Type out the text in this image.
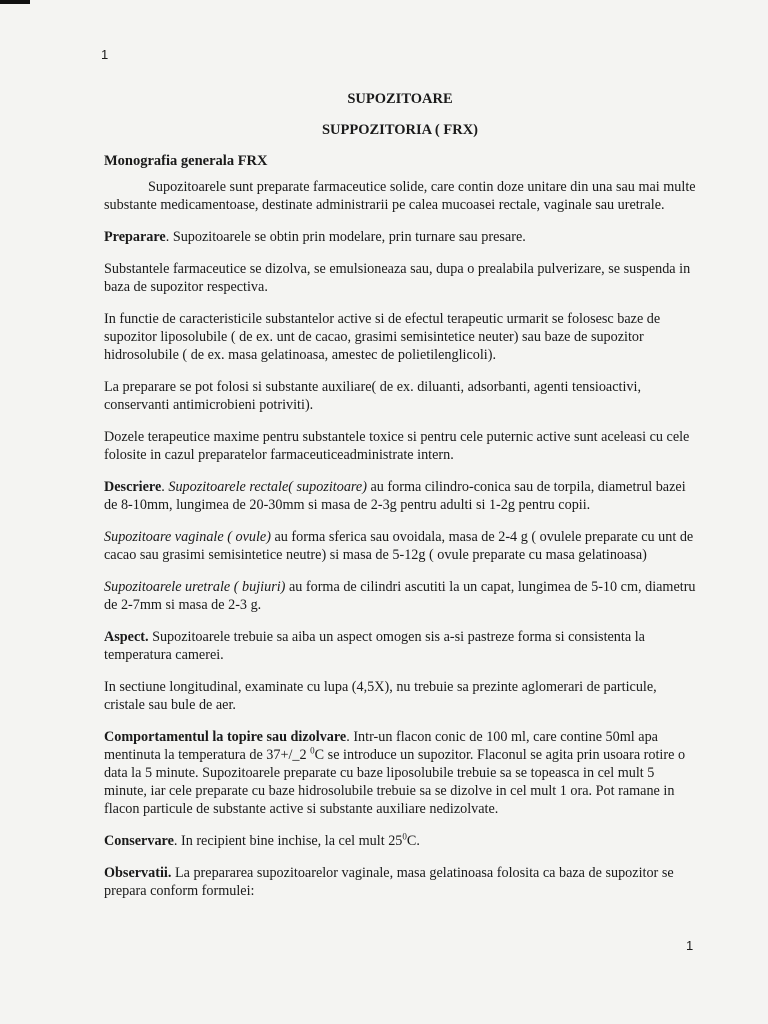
1

SUPOZITOARE

SUPPOZITORIA ( FRX)

Monografia generala FRX

Supozitoarele sunt preparate farmaceutice solide, care contin doze unitare din una sau mai multe substante medicamentoase, destinate administrarii pe calea mucoasei rectale, vaginale sau uretrale.

Preparare. Supozitoarele se obtin prin modelare, prin turnare sau presare.

Substantele farmaceutice se dizolva, se emulsioneaza sau, dupa o prealabila pulverizare, se suspenda in baza de supozitor respectiva.

In functie de caracteristicile substantelor active si de efectul terapeutic urmarit se folosesc baze de supozitor liposolubile ( de ex. unt de cacao, grasimi semisintetice neuter) sau baze de supozitor hidrosolubile ( de ex. masa gelatinoasa, amestec de polietilenglicoli).

La preparare se pot folosi si substante auxiliare( de ex. diluanti, adsorbanti, agenti tensioactivi, conservanti antimicrobieni potriviti).

Dozele terapeutice maxime pentru substantele toxice si pentru cele puternic active sunt aceleasi cu cele folosite in cazul preparatelor farmaceuticeadministrate intern.

Descriere. Supozitoarele rectale( supozitoare) au forma cilindro-conica sau de torpila, diametrul bazei de 8-10mm, lungimea de 20-30mm si masa de 2-3g pentru adulti si 1-2g pentru copii.

Supozitoare vaginale ( ovule) au forma sferica sau ovoidala, masa de 2-4 g ( ovulele preparate cu unt de cacao sau grasimi semisintetice neutre) si masa de 5-12g ( ovule preparate cu masa gelatinoasa)

Supozitoarele uretrale ( bujiuri) au forma de cilindri ascutiti la un capat, lungimea de 5-10 cm, diametru de 2-7mm si masa de 2-3 g.

Aspect. Supozitoarele trebuie sa aiba un aspect omogen sis a-si pastreze forma si consistenta la temperatura camerei.

In sectiune longitudinal, examinate cu lupa (4,5X), nu trebuie sa prezinte aglomerari de particule, cristale sau bule de aer.

Comportamentul la topire sau dizolvare. Intr-un flacon conic de 100 ml, care contine 50ml apa mentinuta la temperatura de 37+/_2 $^0$C se introduce un supozitor. Flaconul se agita prin usoara rotire o data la 5 minute. Supozitoarele preparate cu baze liposolubile trebuie sa se topeasca in cel mult 5 minute, iar cele preparate cu baze hidrosolubile trebuie sa se dizolve in cel mult 1 ora. Pot ramane in flacon particule de substante active si substante auxiliare nedizolvate.

Conservare. In recipient bine inchise, la cel mult $25^0C$.

Observatii. La prepararea supozitoarelor vaginale, masa gelatinoasa folosita ca baza de supozitor se prepara conform formulei:

1
